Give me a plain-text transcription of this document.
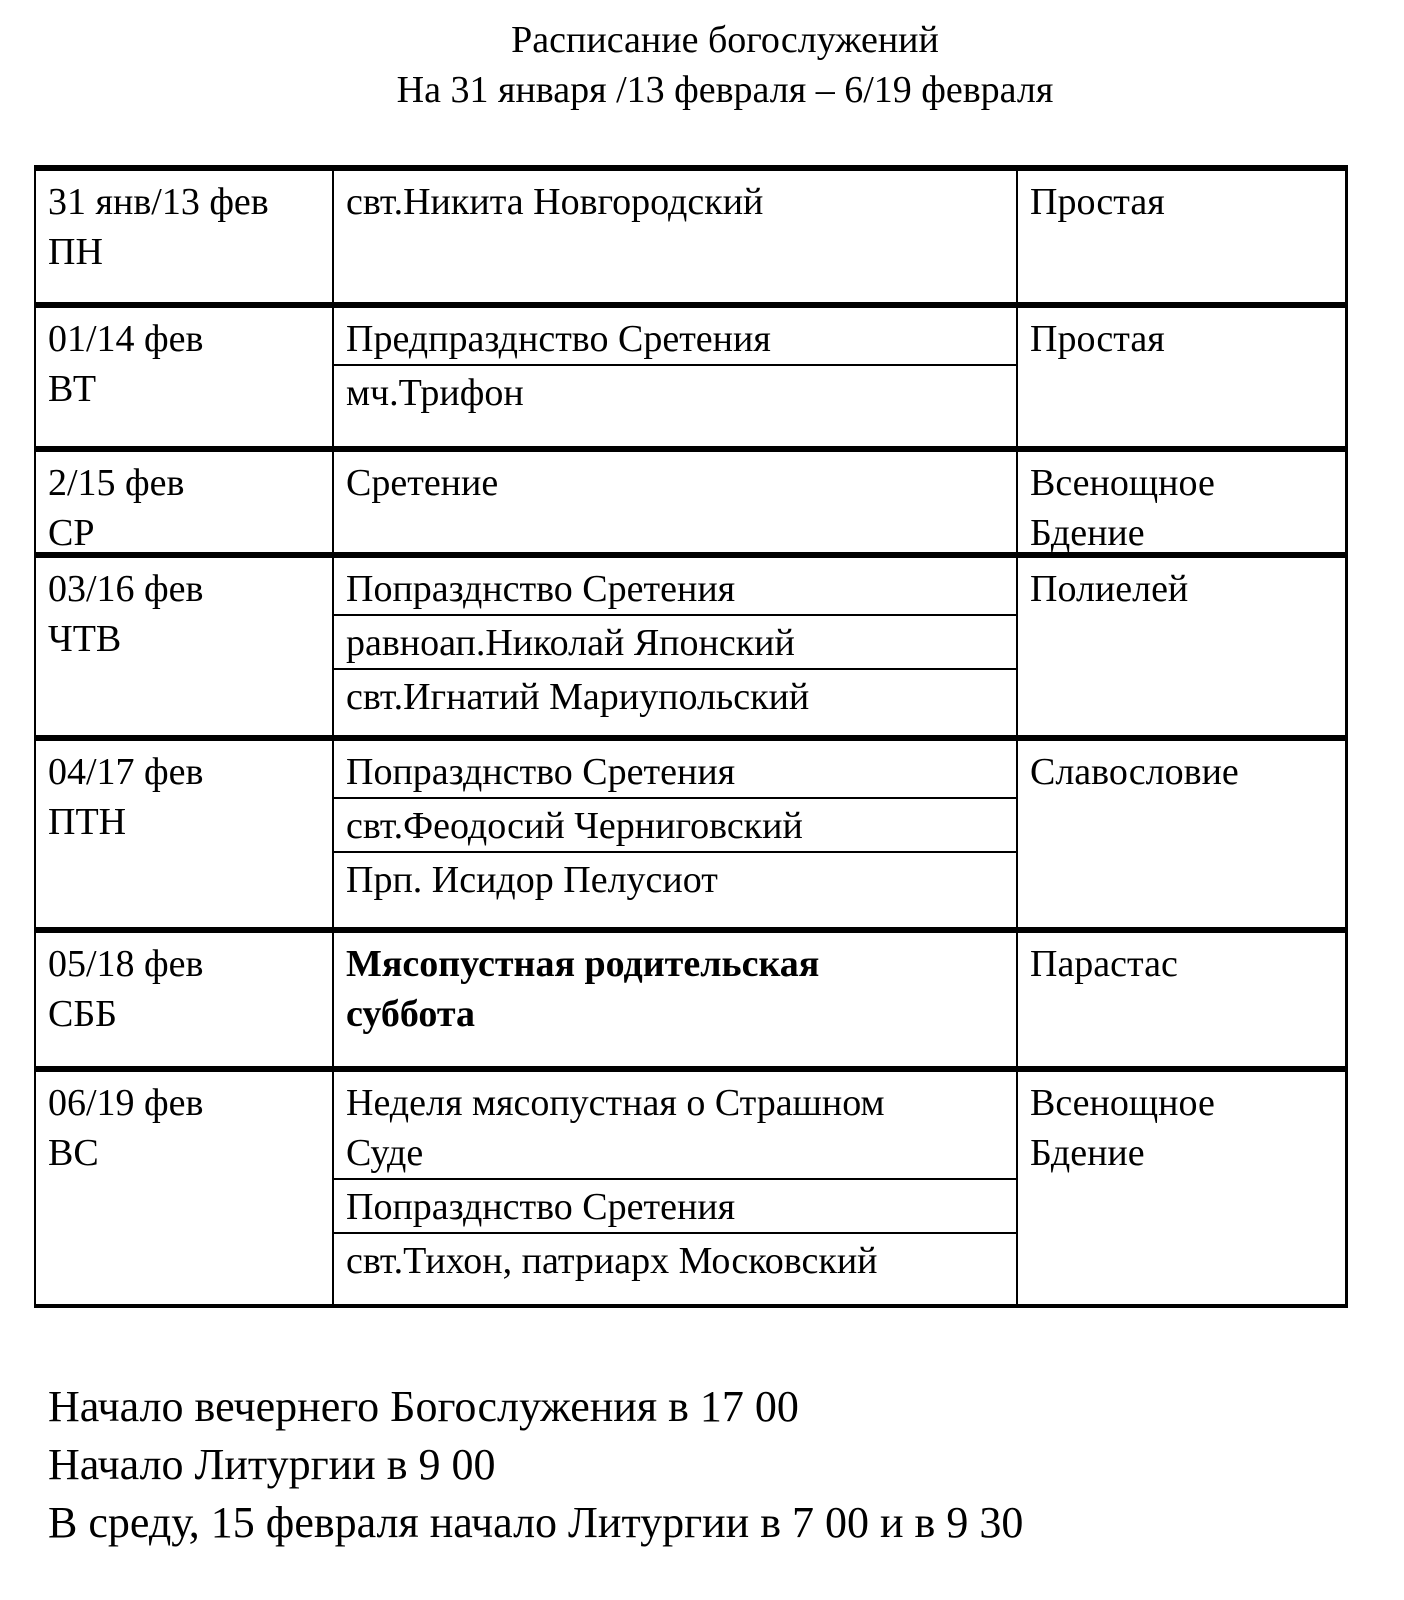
Расписание богослужений
На 31 января /13 февраля – 6/19 февраля
31 янв/13 фев
ПН
свт.Никита Новгородский	Простая
01/14 фев
ВТ
Предпразднство Сретения
мч.Трифон
Простая
2/15 фев
СР
Сретение	Всенощное
Бдение
03/16 фев
ЧТВ
Попразднство Сретения
равноап.Николай Японский
свт.Игнатий Мариупольский
Полиелей
04/17 фев
ПТН
Попразднство Сретения
свт.Феодосий Черниговский
Прп. Исидор Пелусиот
Славословие
05/18 фев
СББ
Мясопустная родительская
суббота
Парастас
06/19 фев
ВС
Неделя мясопустная о Страшном
Суде
Попразднство Сретения
свт.Тихон, патриарх Московский
Всенощное
Бдение
Начало вечернего Богослужения в 17 00
Начало Литургии в 9 00
В среду, 15 февраля начало Литургии в 7 00 и в 9 30
